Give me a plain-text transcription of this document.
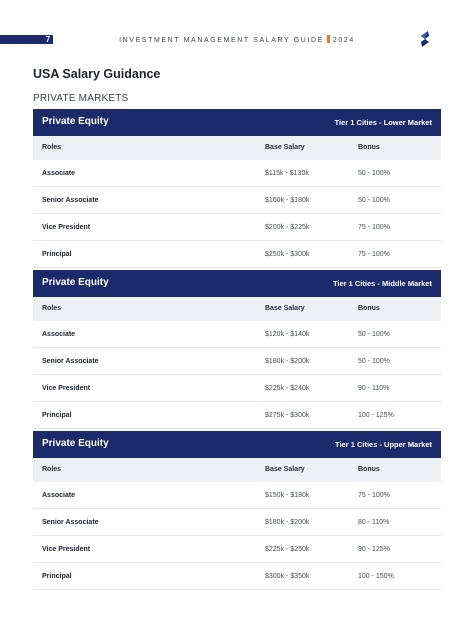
7	INVESTMENT MANAGEMENT SALARY GUIDE 2024
USA Salary Guidance
PRIVATE MARKETS
Private Equity	Tier 1 Cities - Lower Market
Roles	Base Salary	Bonus
Associate	$115k - $130k	50 - 100%
Senior Associate	$160k - $180k	50 - 100%
Vice President	$200k - $225k	75 - 100%
Principal	$250k - $300k	75 - 100%
Private Equity	Tier 1 Cities - Middle Market
Roles	Base Salary	Bonus
Associate	$120k - $140k	50 - 100%
Senior Associate	$180k - $200k	50 - 100%
Vice President	$225k - $240k	90 - 110%
Principal	$275k - $300k	100 - 125%
Private Equity	Tier 1 Cities - Upper Market
Roles	Base Salary	Bonus
Associate	$150k - $180k	75 - 100%
Senior Associate	$180k - $200k	80 - 110%
Vice President	$225k - $250k	90 - 125%
Principal	$300k - $350k	100 - 150%
